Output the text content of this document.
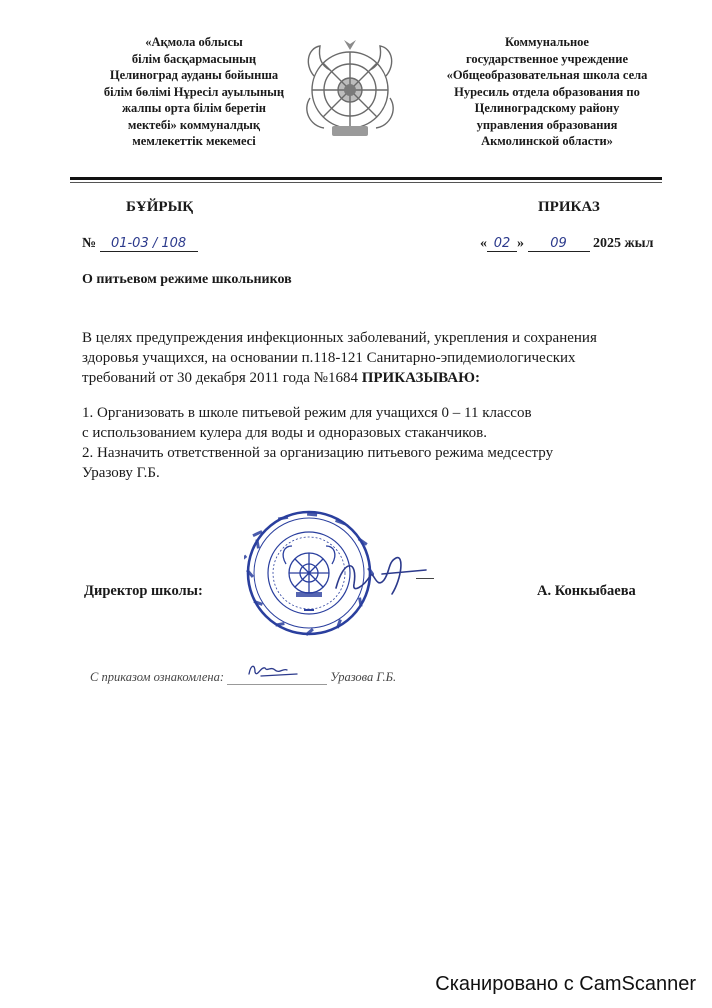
«Ақмола облысы
білім басқармасының
Целиноград ауданы бойынша
білім бөлімі Нұресіл ауылының
жалпы орта білім беретін
мектебі» коммуналдық
мемлекеттік мекемесі
Коммунальное
государственное учреждение
«Общеобразовательная школа села
Нуресиль отдела образования по
Целиноградскому району
управления образования
Акмолинской области»
БҰЙРЫҚ	ПРИКАЗ
№ 01-03 / 108	« 02 » 09 2025 жыл
О питьевом режиме школьников
В целях предупреждения инфекционных заболеваний, укрепления и сохранения
здоровья учащихся, на основании п.118-121 Санитарно-эпидемиологических
требований от 30 декабря 2011 года №1684 ПРИКАЗЫВАЮ:
1. Организовать в школе питьевой режим для учащихся 0 – 11 классов
с использованием кулера для воды и одноразовых стаканчиков.
2. Назначить ответственной за организацию питьевого режима медсестру
Уразову Г.Б.
Директор школы:	А. Конкыбаева
С приказом ознакомлена:	Уразова Г.Б.
Сканировано с CamScanner
